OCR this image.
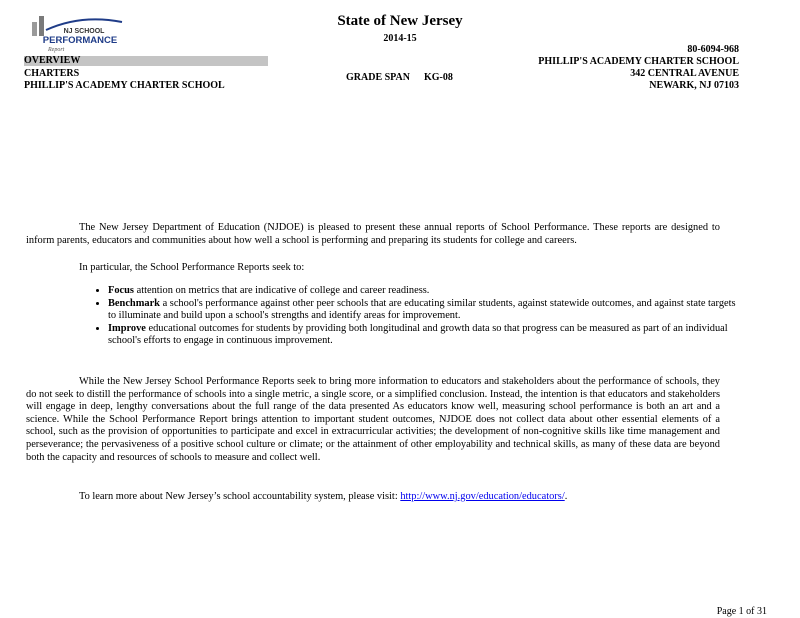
NJ SCHOOL
PERFORMANCE
Report
State of New Jersey
2014-15
OVERVIEW
CHARTERS
PHILLIP'S ACADEMY CHARTER SCHOOL
GRADE SPAN KG-08
80-6094-968
PHILLIP'S ACADEMY CHARTER SCHOOL
342 CENTRAL AVENUE
NEWARK, NJ 07103

The New Jersey Department of Education (NJDOE) is pleased to present these annual reports of School Performance. These reports are designed to inform parents, educators and communities about how well a school is performing and preparing its students for college and careers.

In particular, the School Performance Reports seek to:
• Focus attention on metrics that are indicative of college and career readiness.
• Benchmark a school's performance against other peer schools that are educating similar students, against statewide outcomes, and against state targets to illuminate and build upon a school's strengths and identify areas for improvement.
• Improve educational outcomes for students by providing both longitudinal and growth data so that progress can be measured as part of an individual school's efforts to engage in continuous improvement.

While the New Jersey School Performance Reports seek to bring more information to educators and stakeholders about the performance of schools, they do not seek to distill the performance of schools into a single metric, a single score, or a simplified conclusion. Instead, the intention is that educators and stakeholders will engage in deep, lengthy conversations about the full range of the data presented As educators know well, measuring school performance is both an art and a science. While the School Performance Report brings attention to important student outcomes, NJDOE does not collect data about other essential elements of a school, such as the provision of opportunities to participate and excel in extracurricular activities; the development of non-cognitive skills like time management and perseverance; the pervasiveness of a positive school culture or climate; or the attainment of other employability and technical skills, as many of these data are beyond both the capacity and resources of schools to measure and collect well.

To learn more about New Jersey’s school accountability system, please visit: http://www.nj.gov/education/educators/.
Page 1 of 31
